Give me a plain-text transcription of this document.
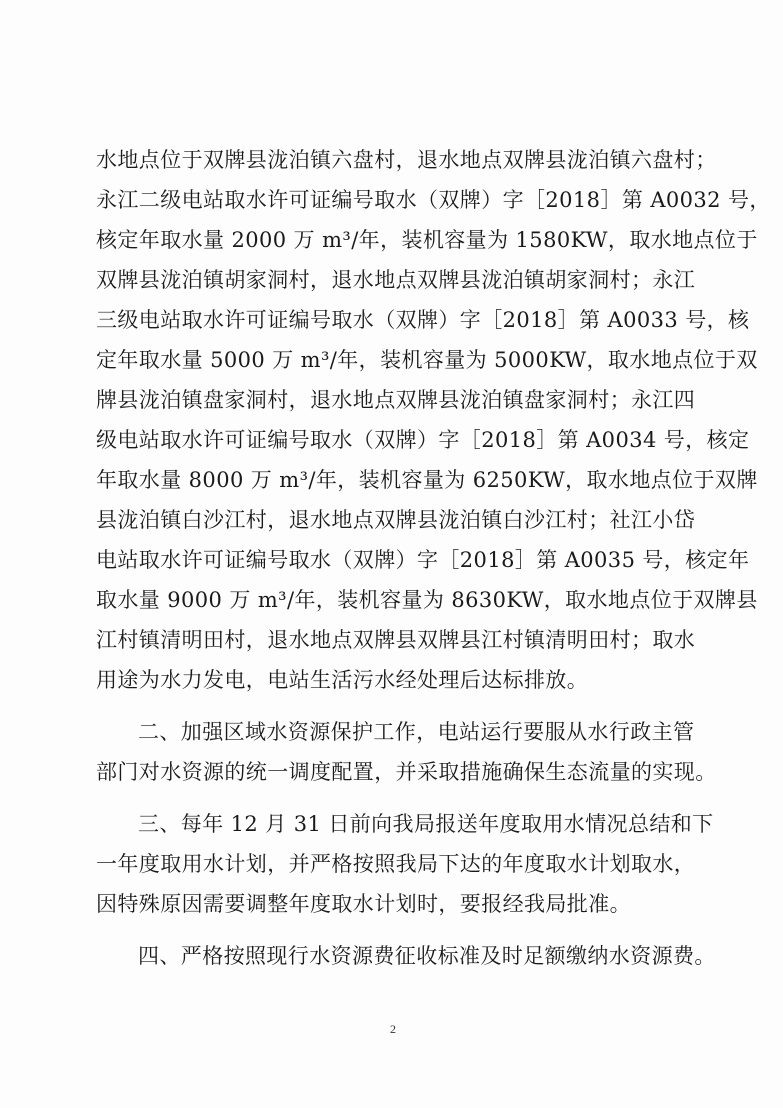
水地点位于双牌县泷泊镇六盘村，退水地点双牌县泷泊镇六盘村；
永江二级电站取水许可证编号取水（双牌）字［2018］第 A0032 号，
核定年取水量 2000 万 m³/年，装机容量为 1580KW，取水地点位于
双牌县泷泊镇胡家洞村，退水地点双牌县泷泊镇胡家洞村；永江
三级电站取水许可证编号取水（双牌）字［2018］第 A0033 号，核
定年取水量 5000 万 m³/年，装机容量为 5000KW，取水地点位于双
牌县泷泊镇盘家洞村，退水地点双牌县泷泊镇盘家洞村；永江四
级电站取水许可证编号取水（双牌）字［2018］第 A0034 号，核定
年取水量 8000 万 m³/年，装机容量为 6250KW，取水地点位于双牌
县泷泊镇白沙江村，退水地点双牌县泷泊镇白沙江村；社江小岱
电站取水许可证编号取水（双牌）字［2018］第 A0035 号，核定年
取水量 9000 万 m³/年，装机容量为 8630KW，取水地点位于双牌县
江村镇清明田村，退水地点双牌县双牌县江村镇清明田村；取水
用途为水力发电，电站生活污水经处理后达标排放。
二、加强区域水资源保护工作，电站运行要服从水行政主管
部门对水资源的统一调度配置，并采取措施确保生态流量的实现。
三、每年 12 月 31 日前向我局报送年度取用水情况总结和下
一年度取用水计划，并严格按照我局下达的年度取水计划取水，
因特殊原因需要调整年度取水计划时，要报经我局批准。
四、严格按照现行水资源费征收标准及时足额缴纳水资源费。
2
